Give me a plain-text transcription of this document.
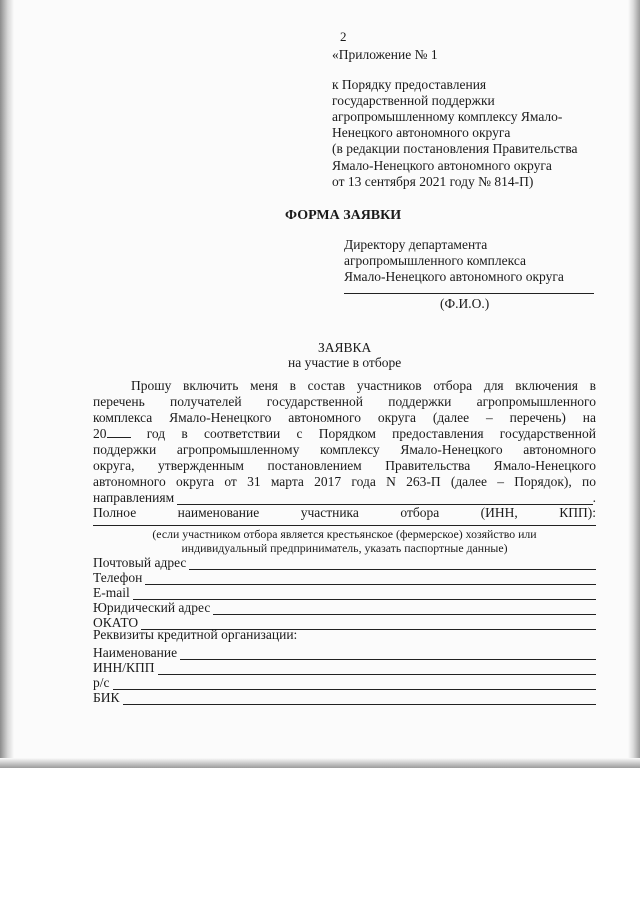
2
«Приложение № 1
к Порядку предоставления
государственной поддержки
агропромышленному комплексу Ямало-
Ненецкого автономного округа
(в редакции постановления Правительства
Ямало-Ненецкого автономного округа
от 13 сентября 2021 году № 814-П)
ФОРМА ЗАЯВКИ
Директору департамента
агропромышленного комплекса
Ямало-Ненецкого автономного округа
(Ф.И.О.)
ЗАЯВКА
на участие в отборе
Прошу включить меня в состав участников отбора для включения в
перечень получателей государственной поддержки агропромышленного
комплекса Ямало-Ненецкого автономного округа (далее – перечень) на
20	год в соответствии с Порядком предоставления государственной
поддержки агропромышленному комплексу Ямало-Ненецкого автономного
округа, утвержденным постановлением Правительства Ямало-Ненецкого
автономного округа от 31 марта 2017 года N 263-П (далее – Порядок), по
направлениям	.
Полное наименование участника отбора (ИНН, КПП):
(если участником отбора является крестьянское (фермерское) хозяйство или
индивидуальный предприниматель, указать паспортные данные)
Почтовый адрес
Телефон
E-mail
Юридический адрес
ОКАТО
Реквизиты кредитной организации:
Наименование
ИНН/КПП
р/с
БИК
